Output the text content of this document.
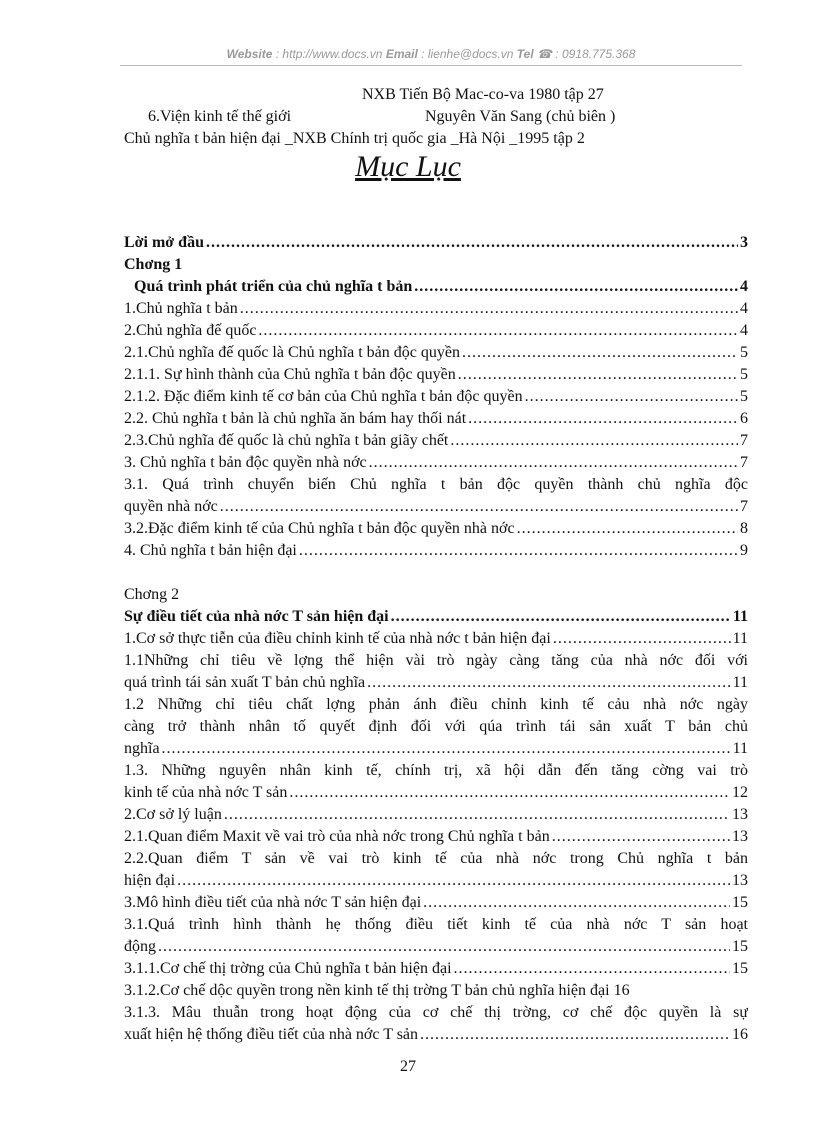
Website : http://www.docs.vn Email : lienhe@docs.vn Tel ☎ : 0918.775.368
NXB Tiến Bộ Mac-co-va 1980 tập 27
6.Viện kinh tế thế giới	Nguyên Văn Sang (chủ biên )
Chủ nghĩa t bản hiện đại _NXB Chính trị quốc gia _Hà Nội _1995 tập 2
Mục Lục
Lời mở đầu .....	3
Chơng 1
Quá trình phát triển của chủ nghĩa t bản .....	4
1.Chủ nghĩa t bản .....	4
2.Chủ nghĩa đế quốc .....	4
2.1.Chủ nghĩa đế quốc là Chủ nghĩa t bản độc quyền .....	5
2.1.1. Sự hình thành của Chủ nghĩa t bản độc quyền .....	5
2.1.2. Đặc điểm kinh tế cơ bản của Chủ nghĩa t bản độc quyền .....	5
2.2. Chủ nghĩa t bản là chủ nghĩa ăn bám hay thối nát .....	6
2.3.Chủ nghĩa đế quốc là chủ nghĩa t bản giãy chết .....	7
3. Chủ nghĩa t bản độc quyền nhà nớc .....	7
3.1. Quá trình chuyển biến Chủ nghĩa t bản độc quyền thành chủ nghĩa độc
quyền nhà nớc .....	7
3.2.Đặc điểm kinh tế của Chủ nghĩa t bản độc quyền nhà nớc .....	8
4. Chủ nghĩa t bản hiện đại .....	9
Chơng 2
Sự điều tiết của nhà nớc T sản hiện đại .....	11
1.Cơ sở thực tiễn của điều chỉnh kinh tế của nhà nớc t bản hiện đại .....	11
1.1Những chỉ tiêu về lợng thể hiện vài trò ngày càng tăng của nhà nớc đối với
quá trình tái sản xuất T bản chủ nghĩa .....	11
1.2 Những chỉ tiêu chất lợng phản ánh điều chỉnh kinh tế cảu nhà nớc ngày
càng trở thành nhân tố quyết định đối với qúa trình tái sản xuất T bản chủ
nghĩa .....	11
1.3. Những nguyên nhân kinh tế, chính trị, xã hội dẫn đến tăng cờng vai trò
kinh tế của nhà nớc T sản .....	12
2.Cơ sở lý luận .....	13
2.1.Quan điểm Maxit về vai trò của nhà nớc trong Chủ nghĩa t bản .....	13
2.2.Quan điểm T sản về vai trò kinh tế của nhà nớc trong Chủ nghĩa t bản
hiện đại .....	13
3.Mô hình điều tiết của nhà nớc T sản hiện đại .....	15
3.1.Quá trình hình thành hẹ thống điều tiết kinh tế của nhà nớc T sản hoạt
động .....	15
3.1.1.Cơ chế thị trờng của Chủ nghĩa t bản hiện đại .....	15
3.1.2.Cơ chế dộc quyền trong nền kinh tế thị trờng T bản chủ nghĩa hiện đại 16
3.1.3. Mâu thuẫn trong hoạt động của cơ chế thị trờng, cơ chế độc quyền là sự
xuất hiện hệ thống điều tiết của nhà nớc T sản .....	16
27
